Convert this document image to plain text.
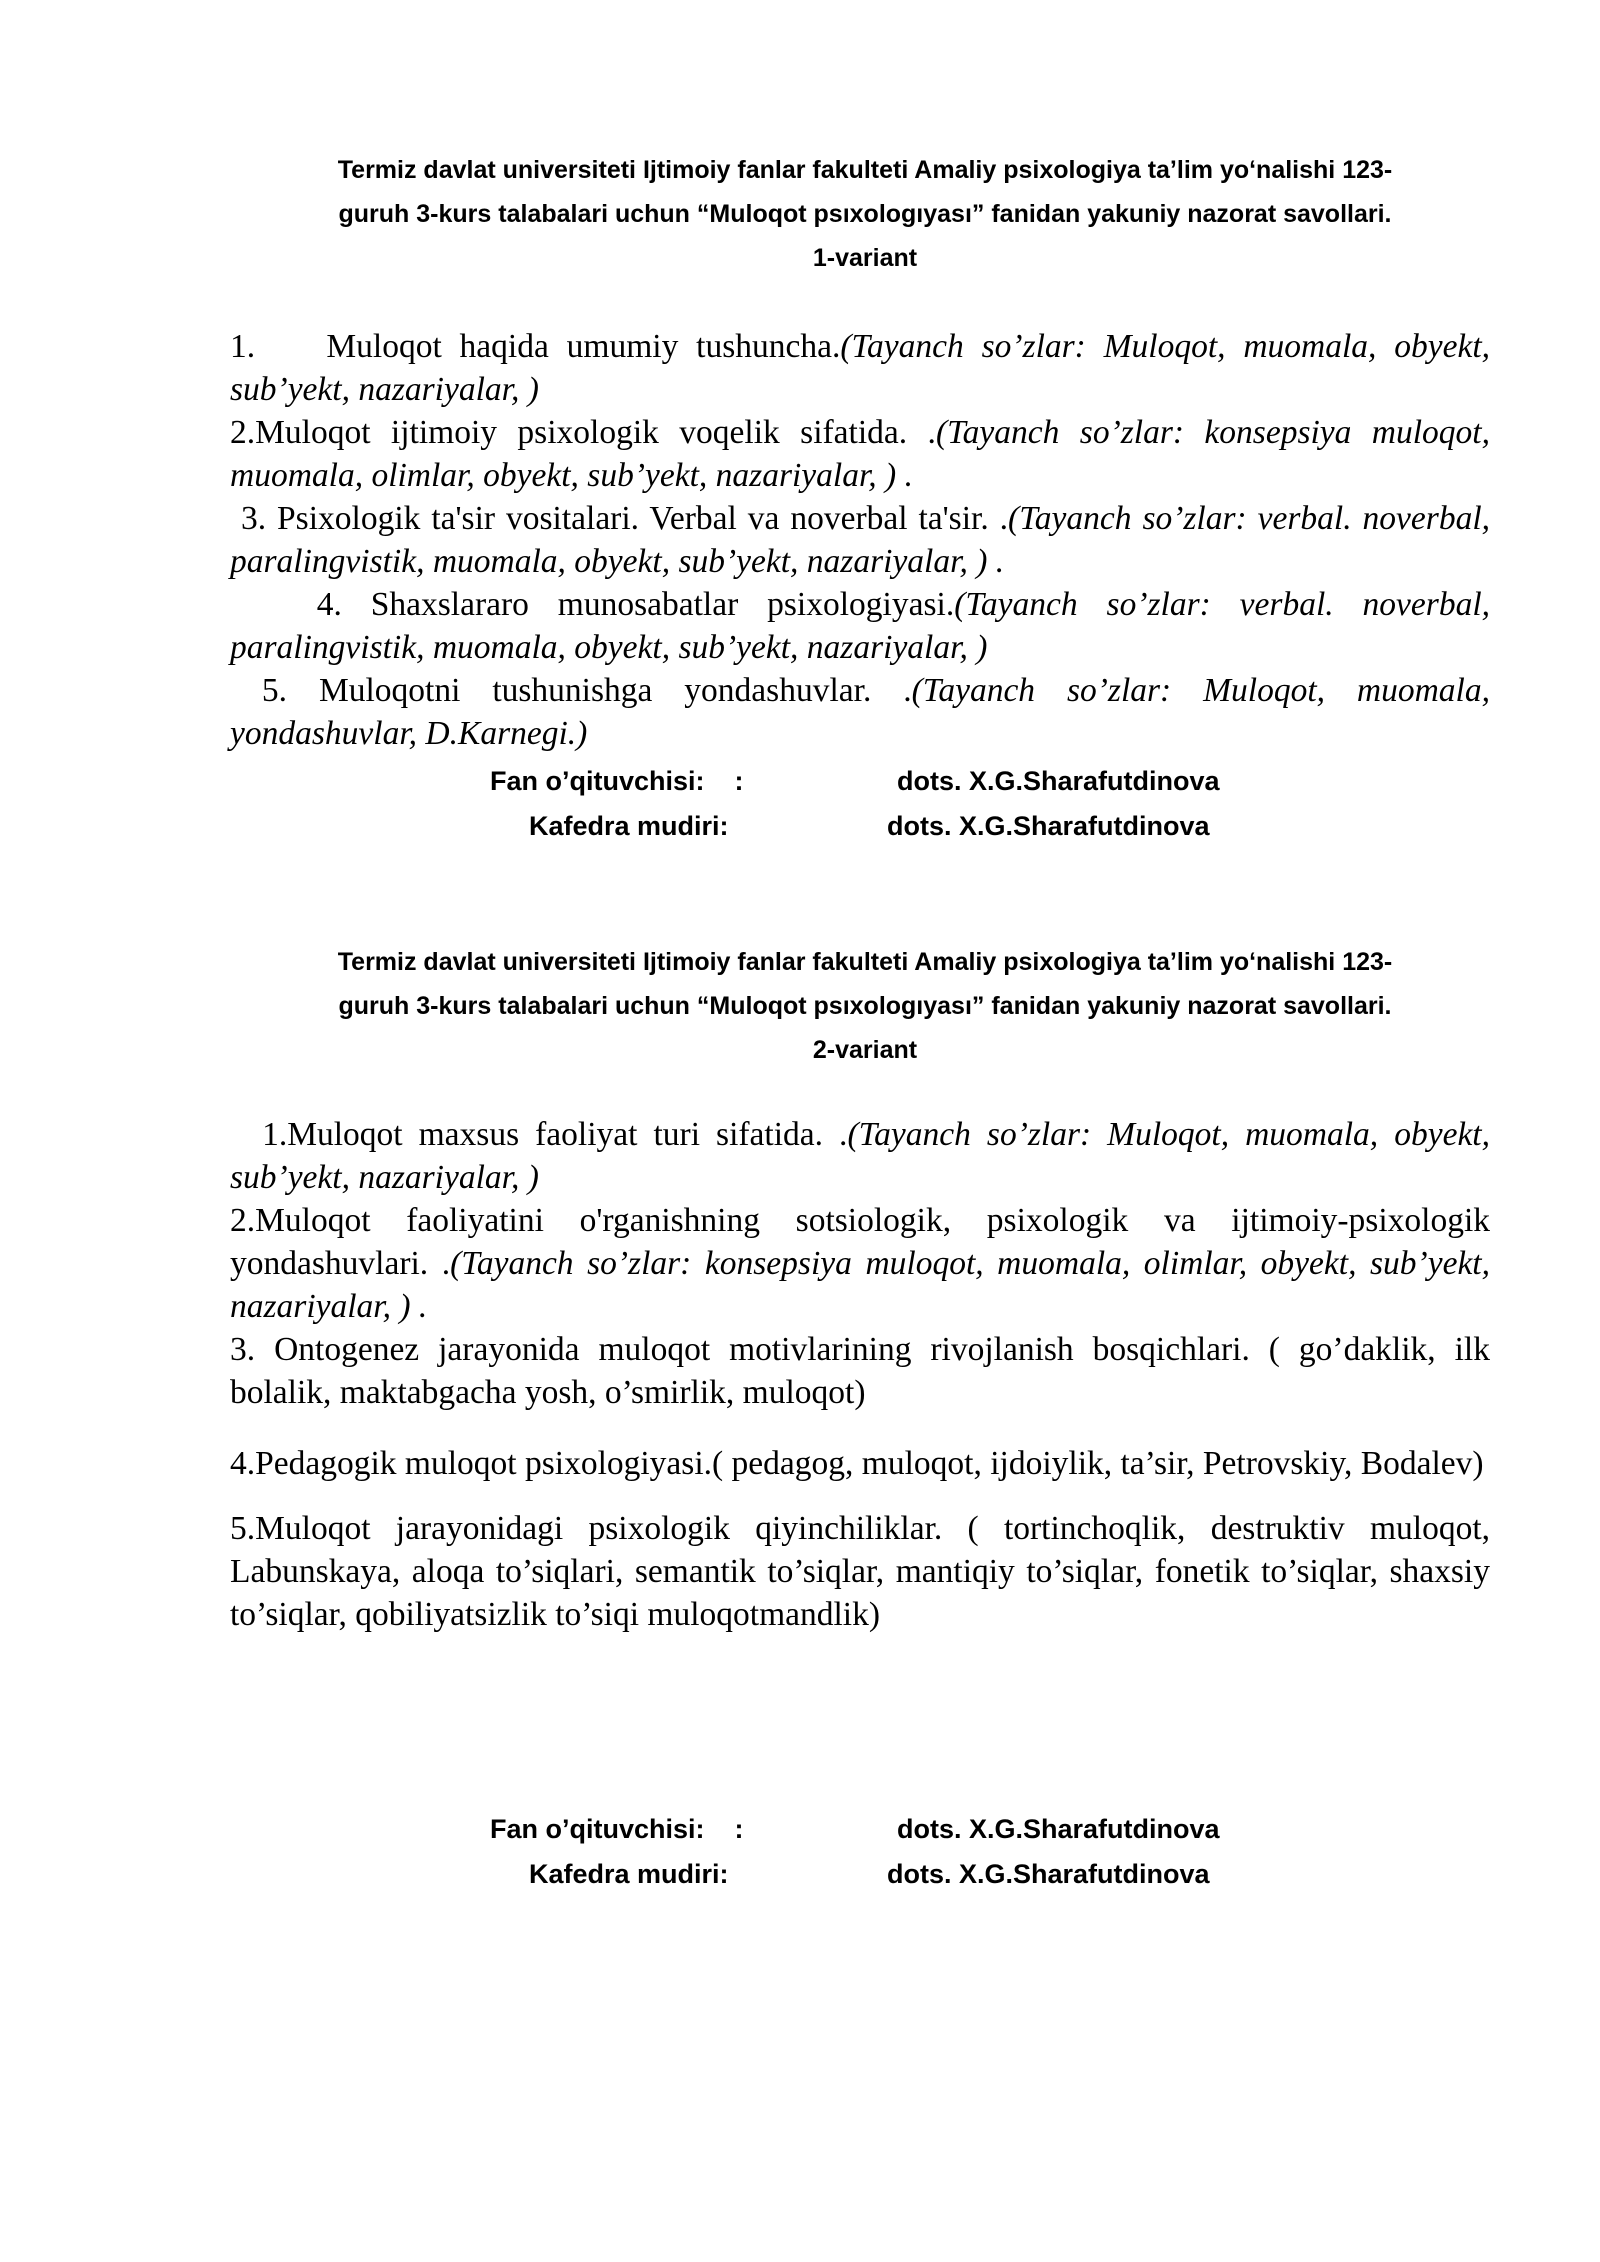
Termiz davlat universiteti Ijtimoiy fanlar fakulteti Amaliy psixologiya ta’lim yo‘nalishi 123-
guruh 3-kurs talabalari uchun “Muloqot psıxologıyası” fanidan yakuniy nazorat savollari.
1-variant

1.    Muloqot haqida umumiy tushuncha.(Tayanch so’zlar: Muloqot, muomala, obyekt, sub’yekt, nazariyalar, )

2.Muloqot ijtimoiy psixologik voqelik sifatida. .(Tayanch so’zlar: konsepsiya muloqot, muomala, olimlar, obyekt, sub’yekt, nazariyalar, ) .

3. Psixologik ta'sir vositalari. Verbal va noverbal ta'sir. .(Tayanch so’zlar: verbal. noverbal, paralingvistik, muomala, obyekt, sub’yekt, nazariyalar, ) .

4. Shaxslararo munosabatlar psixologiyasi.(Tayanch so’zlar: verbal. noverbal, paralingvistik, muomala, obyekt, sub’yekt, nazariyalar, )

5. Muloqotni tushunishga yondashuvlar. .(Tayanch so’zlar: Muloqot, muomala, yondashuvlar, D.Karnegi.)

Fan o’qituvchisi:    :	dots. X.G.Sharafutdinova
Kafedra mudiri:	dots. X.G.Sharafutdinova
Termiz davlat universiteti Ijtimoiy fanlar fakulteti Amaliy psixologiya ta’lim yo‘nalishi 123-
guruh 3-kurs talabalari uchun “Muloqot psıxologıyası” fanidan yakuniy nazorat savollari.
2-variant

1.Muloqot maxsus faoliyat turi sifatida. .(Tayanch so’zlar: Muloqot, muomala, obyekt, sub’yekt, nazariyalar, )

2.Muloqot faoliyatini o'rganishning sotsiologik, psixologik va ijtimoiy-psixologik yondashuvlari. .(Tayanch so’zlar: konsepsiya muloqot, muomala, olimlar, obyekt, sub’yekt, nazariyalar, ) .

3. Ontogenez jarayonida muloqot motivlarining rivojlanish bosqichlari. ( go’daklik, ilk bolalik, maktabgacha yosh, o’smirlik, muloqot)

4.Pedagogik muloqot psixologiyasi.( pedagog, muloqot, ijdoiylik, ta’sir, Petrovskiy, Bodalev)

5.Muloqot jarayonidagi psixologik qiyinchiliklar. ( tortinchoqlik, destruktiv muloqot, Labunskaya, aloqa to’siqlari, semantik to’siqlar, mantiqiy to’siqlar, fonetik to’siqlar, shaxsiy to’siqlar, qobiliyatsizlik to’siqi muloqotmandlik)

Fan o’qituvchisi:    :	dots. X.G.Sharafutdinova
Kafedra mudiri:	dots. X.G.Sharafutdinova
